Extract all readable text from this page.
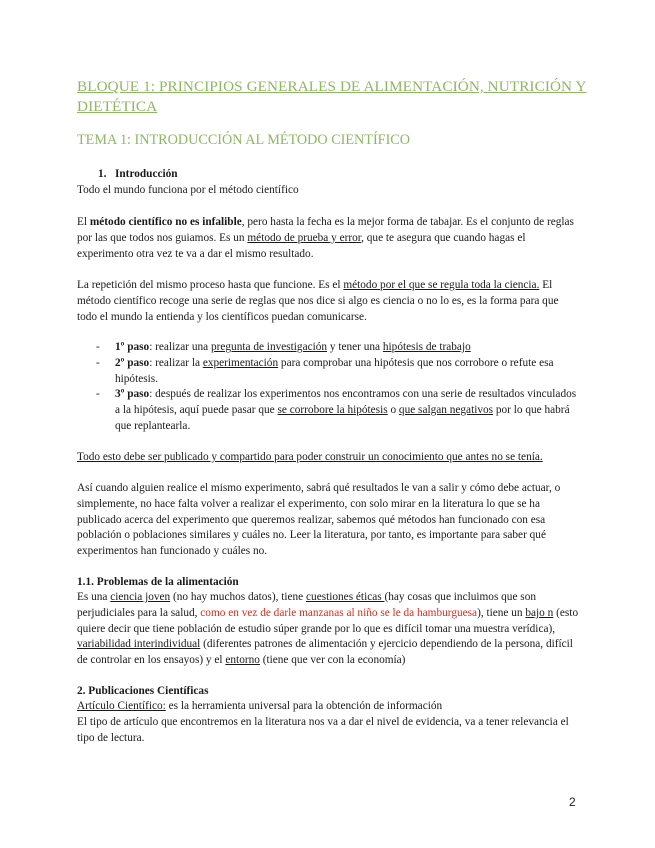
BLOQUE 1: PRINCIPIOS GENERALES DE ALIMENTACIÓN, NUTRICIÓN Y DIETÉTICA
TEMA 1: INTRODUCCIÓN AL MÉTODO CIENTÍFICO
1. Introducción
Todo el mundo funciona por el método científico
El método científico no es infalible, pero hasta la fecha es la mejor forma de tabajar. Es el conjunto de reglas por las que todos nos guiamos. Es un método de prueba y error, que te asegura que cuando hagas el experimento otra vez te va a dar el mismo resultado.
La repetición del mismo proceso hasta que funcione. Es el método por el que se regula toda la ciencia. El método científico recoge una serie de reglas que nos dice si algo es ciencia o no lo es, es la forma para que todo el mundo la entienda y los científicos puedan comunicarse.
- 1º paso: realizar una pregunta de investigación y tener una hipótesis de trabajo
- 2º paso: realizar la experimentación para comprobar una hipótesis que nos corrobore o refute esa hipótesis.
- 3º paso: después de realizar los experimentos nos encontramos con una serie de resultados vinculados a la hipótesis, aquí puede pasar que se corrobore la hipótesis o que salgan negativos por lo que habrá que replantearla.
Todo esto debe ser publicado y compartido para poder construir un conocimiento que antes no se tenía.
Así cuando alguien realice el mismo experimento, sabrá qué resultados le van a salir y cómo debe actuar, o simplemente, no hace falta volver a realizar el experimento, con solo mirar en la literatura lo que se ha publicado acerca del experimento que queremos realizar, sabemos qué métodos han funcionado con esa población o poblaciones similares y cuáles no. Leer la literatura, por tanto, es importante para saber qué experimentos han funcionado y cuáles no.
1.1. Problemas de la alimentación
Es una ciencia joven (no hay muchos datos), tiene cuestiones éticas (hay cosas que incluimos que son perjudiciales para la salud, como en vez de darle manzanas al niño se le da hamburguesa), tiene un bajo n (esto quiere decir que tiene población de estudio súper grande por lo que es difícil tomar una muestra verídica), variabilidad interindividual (diferentes patrones de alimentación y ejercicio dependiendo de la persona, difícil de controlar en los ensayos) y el entorno (tiene que ver con la economía)
2. Publicaciones Científicas
Artículo Científico: es la herramienta universal para la obtención de información
El tipo de artículo que encontremos en la literatura nos va a dar el nivel de evidencia, va a tener relevancia el tipo de lectura.
2
